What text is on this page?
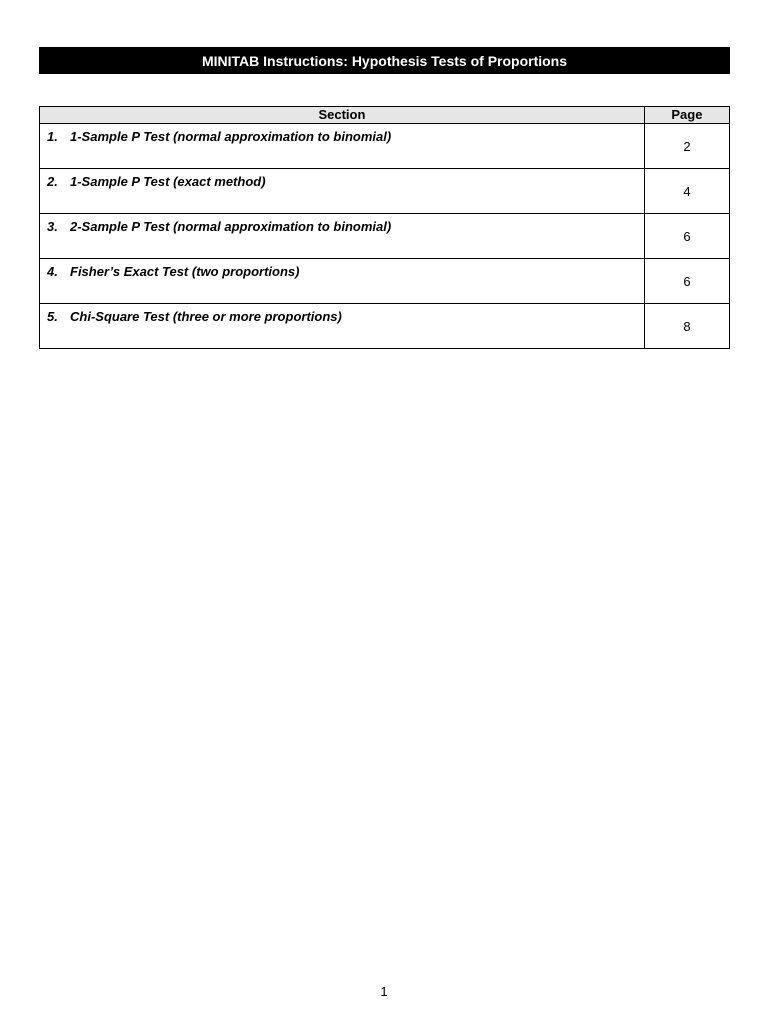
MINITAB Instructions: Hypothesis Tests of Proportions
Section	Page
1. 1-Sample P Test (normal approximation to binomial)	2
2. 1-Sample P Test (exact method)	4
3. 2-Sample P Test (normal approximation to binomial)	6
4. Fisher’s Exact Test (two proportions)	6
5. Chi-Square Test (three or more proportions)	8
1
